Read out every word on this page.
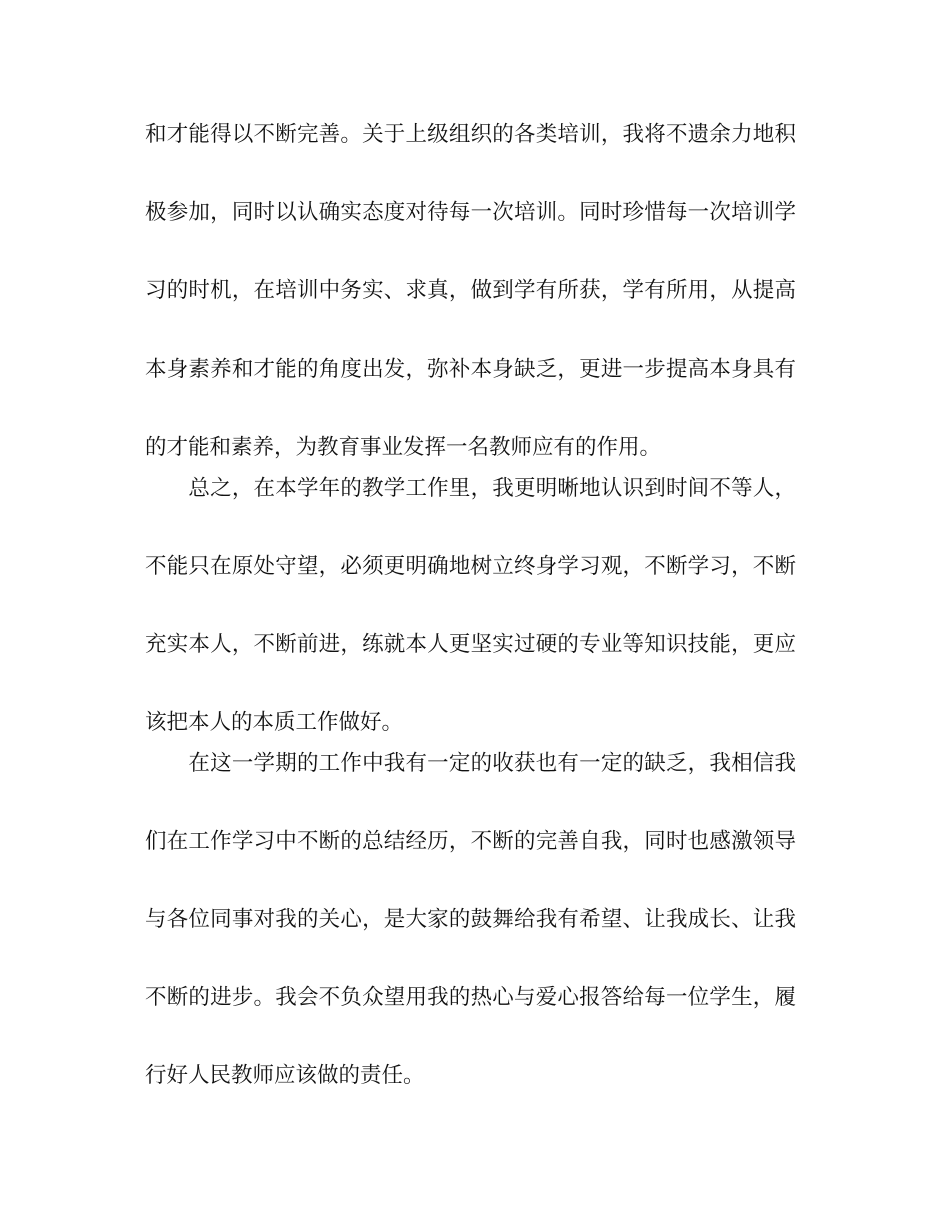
和才能得以不断完善。关于上级组织的各类培训，我将不遗余力地积
极参加，同时以认确实态度对待每一次培训。同时珍惜每一次培训学
习的时机，在培训中务实、求真，做到学有所获，学有所用，从提高
本身素养和才能的角度出发，弥补本身缺乏，更进一步提高本身具有
的才能和素养，为教育事业发挥一名教师应有的作用。
　　总之，在本学年的教学工作里，我更明晰地认识到时间不等人，
不能只在原处守望，必须更明确地树立终身学习观，不断学习，不断
充实本人，不断前进，练就本人更坚实过硬的专业等知识技能，更应
该把本人的本质工作做好。
　　在这一学期的工作中我有一定的收获也有一定的缺乏，我相信我
们在工作学习中不断的总结经历，不断的完善自我，同时也感激领导
与各位同事对我的关心，是大家的鼓舞给我有希望、让我成长、让我
不断的进步。我会不负众望用我的热心与爱心报答给每一位学生，履
行好人民教师应该做的责任。
